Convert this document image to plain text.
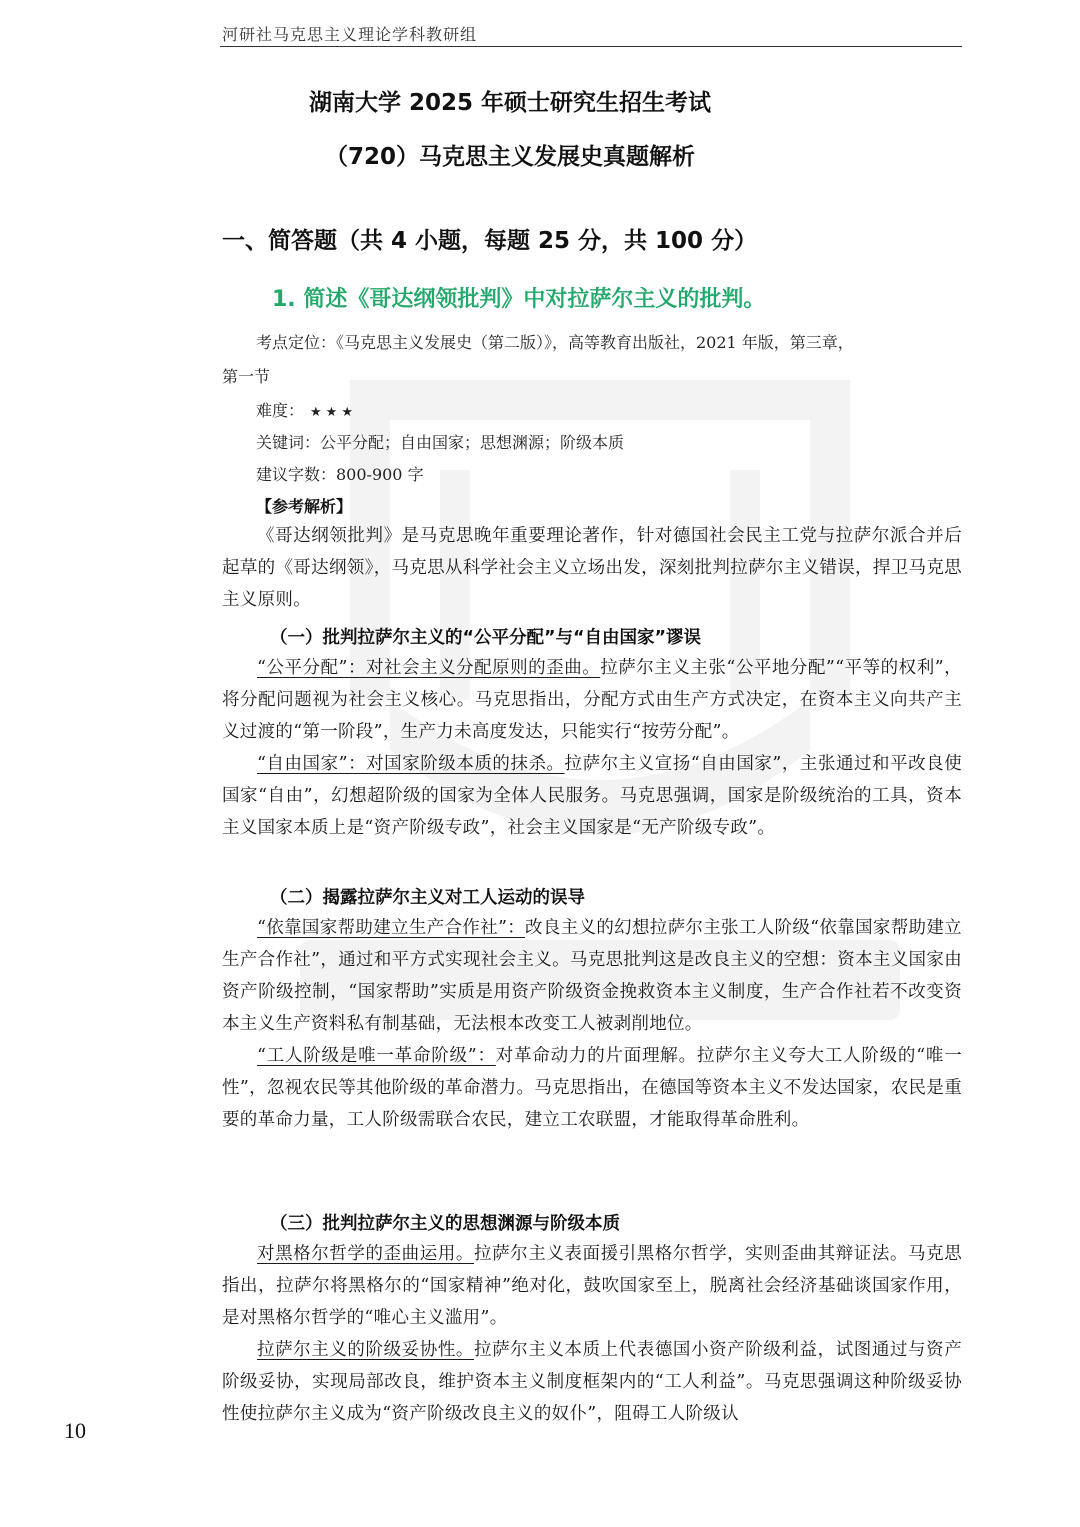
河研社马克思主义理论学科教研组
湖南大学 2025 年硕士研究生招生考试
（720）马克思主义发展史真题解析
一、简答题（共 4 小题，每题 25 分，共 100 分）
1. 简述《哥达纲领批判》中对拉萨尔主义的批判。
考点定位：《马克思主义发展史（第二版）》，高等教育出版社，2021 年版，第三章，
第一节
难度： ★★★
关键词：公平分配；自由国家；思想渊源；阶级本质
建议字数：800-900 字
【参考解析】

《哥达纲领批判》是马克思晚年重要理论著作，针对德国社会民主工党与拉萨尔派合并后起草的《哥达纲领》，马克思从科学社会主义立场出发，深刻批判拉萨尔主义错误，捍卫马克思主义原则。

（一）批判拉萨尔主义的“公平分配”与“自由国家”谬误

“公平分配”：对社会主义分配原则的歪曲。拉萨尔主义主张“公平地分配”“平等的权利”，将分配问题视为社会主义核心。马克思指出，分配方式由生产方式决定，在资本主义向共产主义过渡的“第一阶段”，生产力未高度发达，只能实行“按劳分配”。

“自由国家”：对国家阶级本质的抹杀。拉萨尔主义宣扬“自由国家”，主张通过和平改良使国家“自由”，幻想超阶级的国家为全体人民服务。马克思强调，国家是阶级统治的工具，资本主义国家本质上是“资产阶级专政”，社会主义国家是“无产阶级专政”。

（二）揭露拉萨尔主义对工人运动的误导

“依靠国家帮助建立生产合作社”：改良主义的幻想拉萨尔主张工人阶级“依靠国家帮助建立生产合作社”，通过和平方式实现社会主义。马克思批判这是改良主义的空想：资本主义国家由资产阶级控制，“国家帮助”实质是用资产阶级资金挽救资本主义制度，生产合作社若不改变资本主义生产资料私有制基础，无法根本改变工人被剥削地位。

“工人阶级是唯一革命阶级”：对革命动力的片面理解。拉萨尔主义夸大工人阶级的“唯一性”，忽视农民等其他阶级的革命潜力。马克思指出，在德国等资本主义不发达国家，农民是重要的革命力量，工人阶级需联合农民，建立工农联盟，才能取得革命胜利。

（三）批判拉萨尔主义的思想渊源与阶级本质

对黑格尔哲学的歪曲运用。拉萨尔主义表面援引黑格尔哲学，实则歪曲其辩证法。马克思指出，拉萨尔将黑格尔的“国家精神”绝对化，鼓吹国家至上，脱离社会经济基础谈国家作用，是对黑格尔哲学的“唯心主义滥用”。

拉萨尔主义的阶级妥协性。拉萨尔主义本质上代表德国小资产阶级利益，试图通过与资产阶级妥协，实现局部改良，维护资本主义制度框架内的“工人利益”。马克思强调这种阶级妥协性使拉萨尔主义成为“资产阶级改良主义的奴仆”，阻碍工人阶级认

10
